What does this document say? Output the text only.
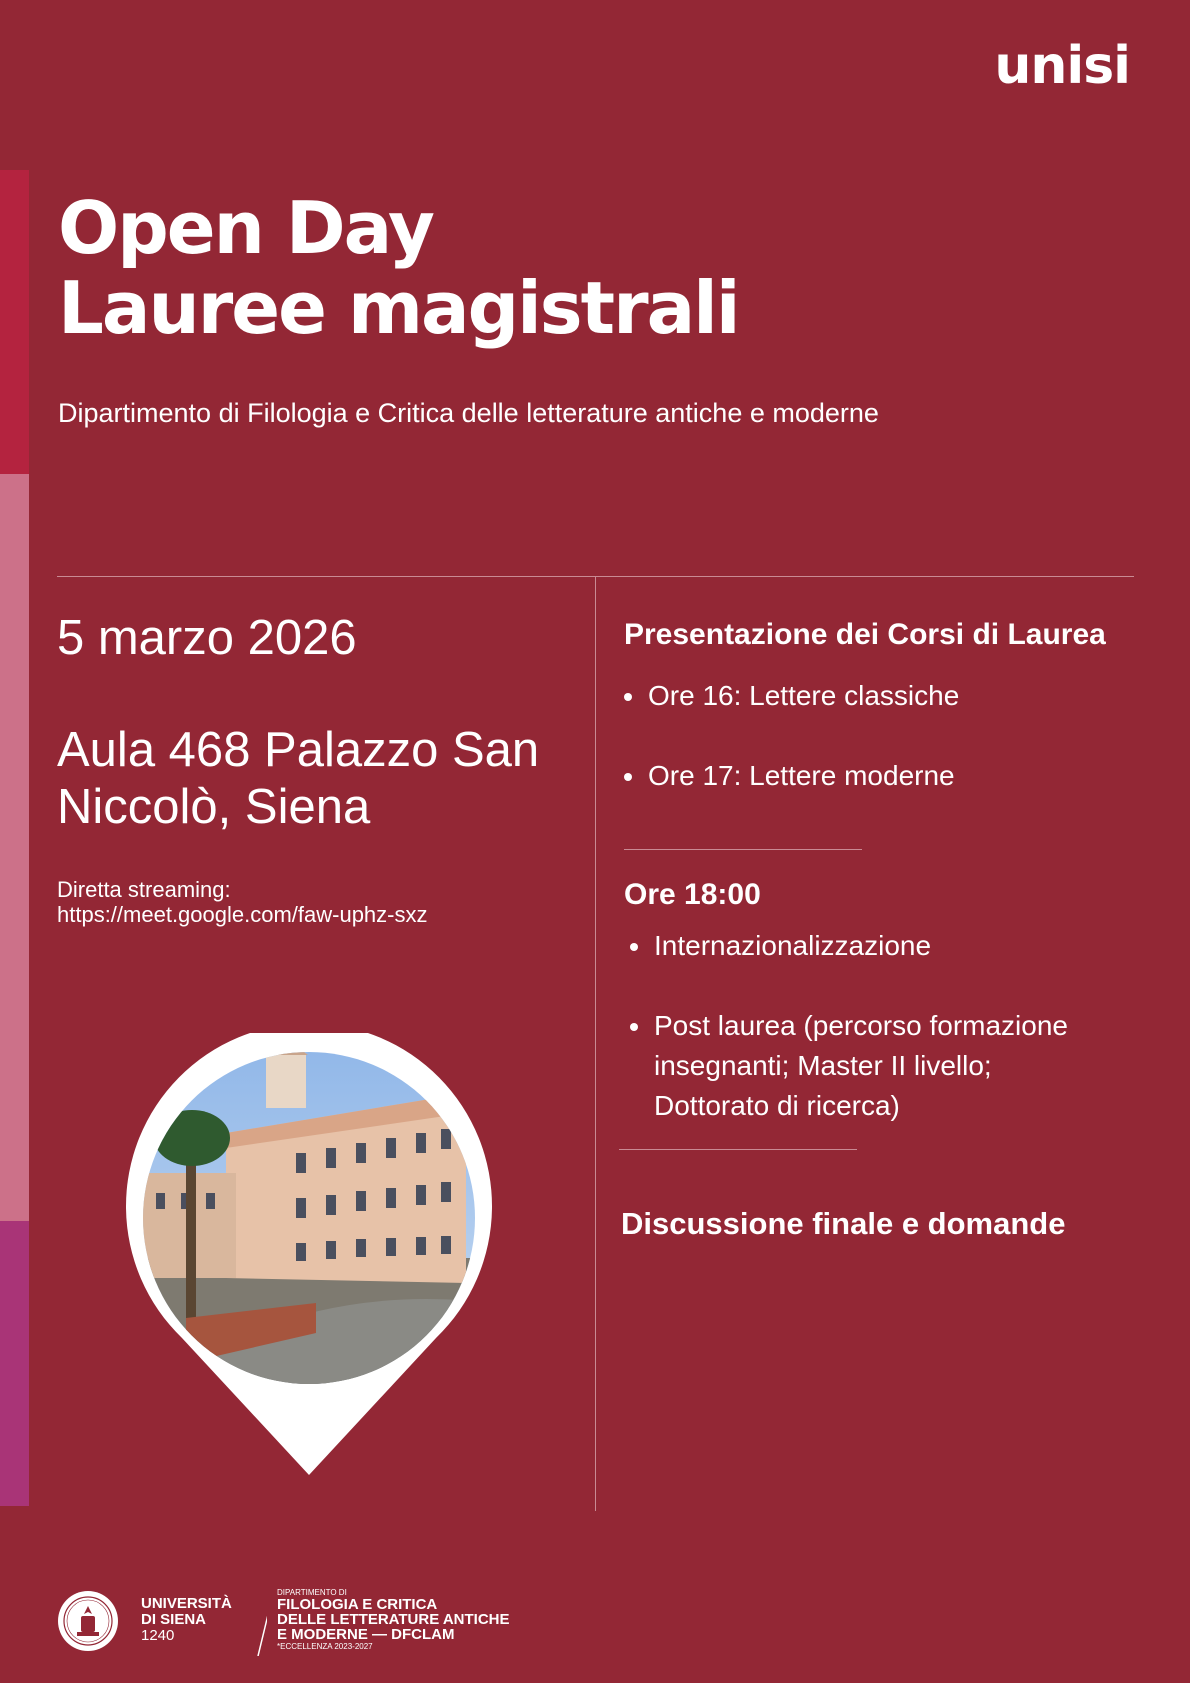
unisi
Open Day
Lauree magistrali
Dipartimento di Filologia e Critica delle letterature antiche e moderne
5 marzo 2026
Aula 468 Palazzo San Niccolò, Siena
Diretta streaming:
https://meet.google.com/faw-uphz-sxz
Presentazione dei Corsi di Laurea
Ore 16: Lettere classiche
Ore 17: Lettere moderne
Ore 18:00
Internazionalizzazione
Post laurea (percorso formazione insegnanti; Master II livello; Dottorato di ricerca)
Discussione finale e domande
UNIVERSITÀ
DI SIENA
1240
DIPARTIMENTO DI
FILOLOGIA E CRITICA
DELLE LETTERATURE ANTICHE
E MODERNE — DFCLAM
*ECCELLENZA 2023-2027
